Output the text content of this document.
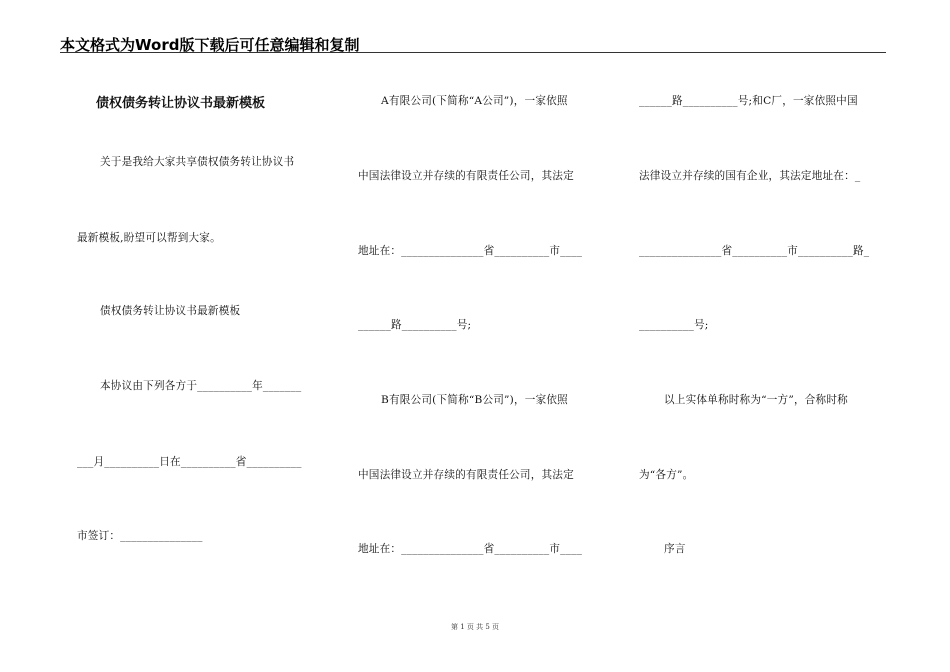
本文格式为Word版下载后可任意编辑和复制
债权债务转让协议书最新模板
关于是我给大家共享债权债务转让协议书
最新模板,盼望可以帮到大家。
债权债务转让协议书最新模板
本协议由下列各方于__________年_______
___月__________日在__________省__________
市签订：_______________
A有限公司(下简称“A公司”)，一家依照
中国法律设立并存续的有限责任公司，其法定
地址在：_______________省__________市____
______路__________号;
B有限公司(下简称“B公司”)，一家依照
中国法律设立并存续的有限责任公司，其法定
地址在：_______________省__________市____
______路__________号;和C厂，一家依照中国
法律设立并存续的国有企业，其法定地址在：_
_______________省__________市__________路_
__________号;
以上实体单称时称为“一方”，合称时称
为“各方”。
序言
第 1 页 共 5 页
